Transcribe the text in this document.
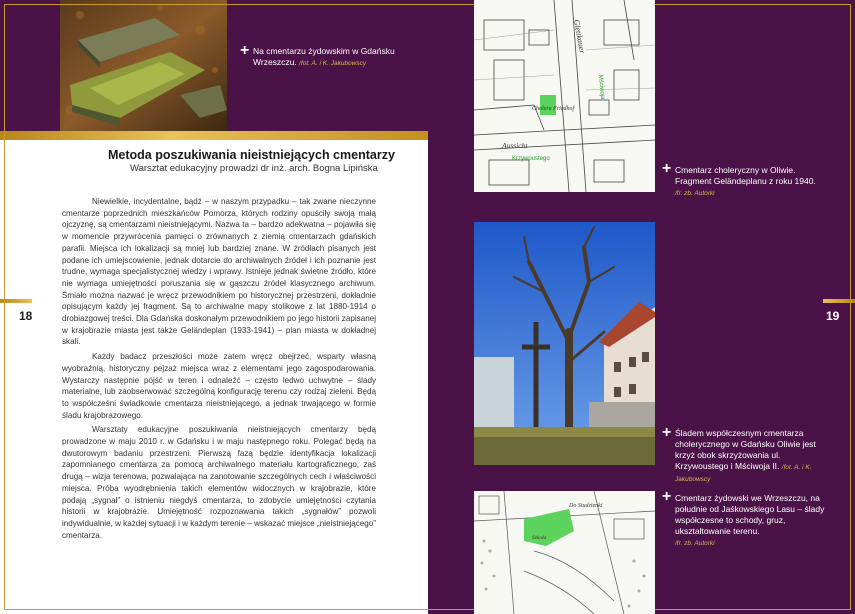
+ Na cmentarzu żydowskim w Gdańsku Wrzeszczu. /fot. A. i K. Jakubowscy
Metoda poszukiwania nieistniejących cmentarzy
Warsztat edukacyjny prowadzi dr inż. arch. Bogna Lipińska

Niewielkie, incydentalne, bądź – w naszym przypadku – tak zwane nieczynne cmentarze poprzednich mieszkańców Pomorza, których rodziny opuściły swoją małą ojczyznę, są cmentarzami nieistniejącymi. Nazwa ta – bardzo adekwatna – pojawiła się w momencie przywrócenia pamięci o zrównanych z ziemią cmentarzach gdańskich parafii. Miejsca ich lokalizacji są mniej lub bardziej znane. W źródłach pisanych jest podane ich umiejscowienie, jednak dotarcie do archiwalnych źródeł i ich poznanie jest trudne, wymaga specjalistycznej wiedzy i wprawy. Istnieje jednak świetne źródło, które nie wymaga umiejętności poruszania się w gąszczu źródeł klasycznego archiwum. Śmiało można nazwać je wręcz przewodnikiem po historycznej przestrzeni, dokładnie opisującym każdy jej fragment. Są to archiwalne mapy stolikowe z lat 1880-1914 o drobiazgowej treści. Dla Gdańska doskonałym przewodnikiem po jego historii zapisanej w krajobrazie miasta jest także Geländeplan (1933-1941) – plan miasta w dokładnej skali.

Każdy badacz przeszłości może zatem wręcz obejrzeć, wsparty własną wyobraźnią, historyczny pejzaż miejsca wraz z elementami jego zagospodarowania. Wystarczy następnie pójść w teren i odnaleźć – często ledwo uchwytne – ślady materialne, lub zaobserwować szczególną konfigurację terenu czy rodzaj zieleni. Będą to współcześni świadkowie cmentarza nieistniejącego, a jednak trwającego w formie śladu krajobrazowego.

Warsztaty edukacyjne poszukiwania nieistniejących cmentarzy będą prowadzone w maju 2010 r. w Gdańsku i w maju następnego roku. Polegać będą na dwutorowym badaniu przestrzeni. Pierwszą fazą będzie identyfikacja lokalizacji zapomnianego cmentarza za pomocą archiwalnego materiału kartograficznego, zaś drugą – wizja terenowa, pozwalająca na zanotowanie szczególnych cech i właściwości miejsca. Próba wyodrębnienia takich elementów widocznych w krajobrazie, które podają „sygnał” o istnieniu niegdyś cmentarza, to zdobycie umiejętności czytania historii w krajobrazie. Umiejętność rozpoznawania takich „sygnałów” pozwoli indywidualnie, w każdej sytuacji i w każdym terenie – wskazać miejsce „nieistniejącego” cmentarza.

18
Glettkauer
Aussicht
Cholera Friedhof
Krzywoustego
Mściwoja
+ Cmentarz choleryczny w Oliwie. Fragment Geländeplanu z roku 1940.
/fr. zb. Autorki
+ Śladem współczesnym cmentarza cholerycznego w Gdańsku Oliwie jest krzyż obok skrzyżowania ul. Krzywoustego i Mściwoja II. /fot. A. i K. Jakubowscy
Do Studzienki
Szkoła
+ Cmentarz żydowski we Wrzeszczu, na południe od Jaśkowskiego Lasu – ślady współczesne to schody, gruz, ukształtowanie terenu.
/fr. zb. Autorki
19
